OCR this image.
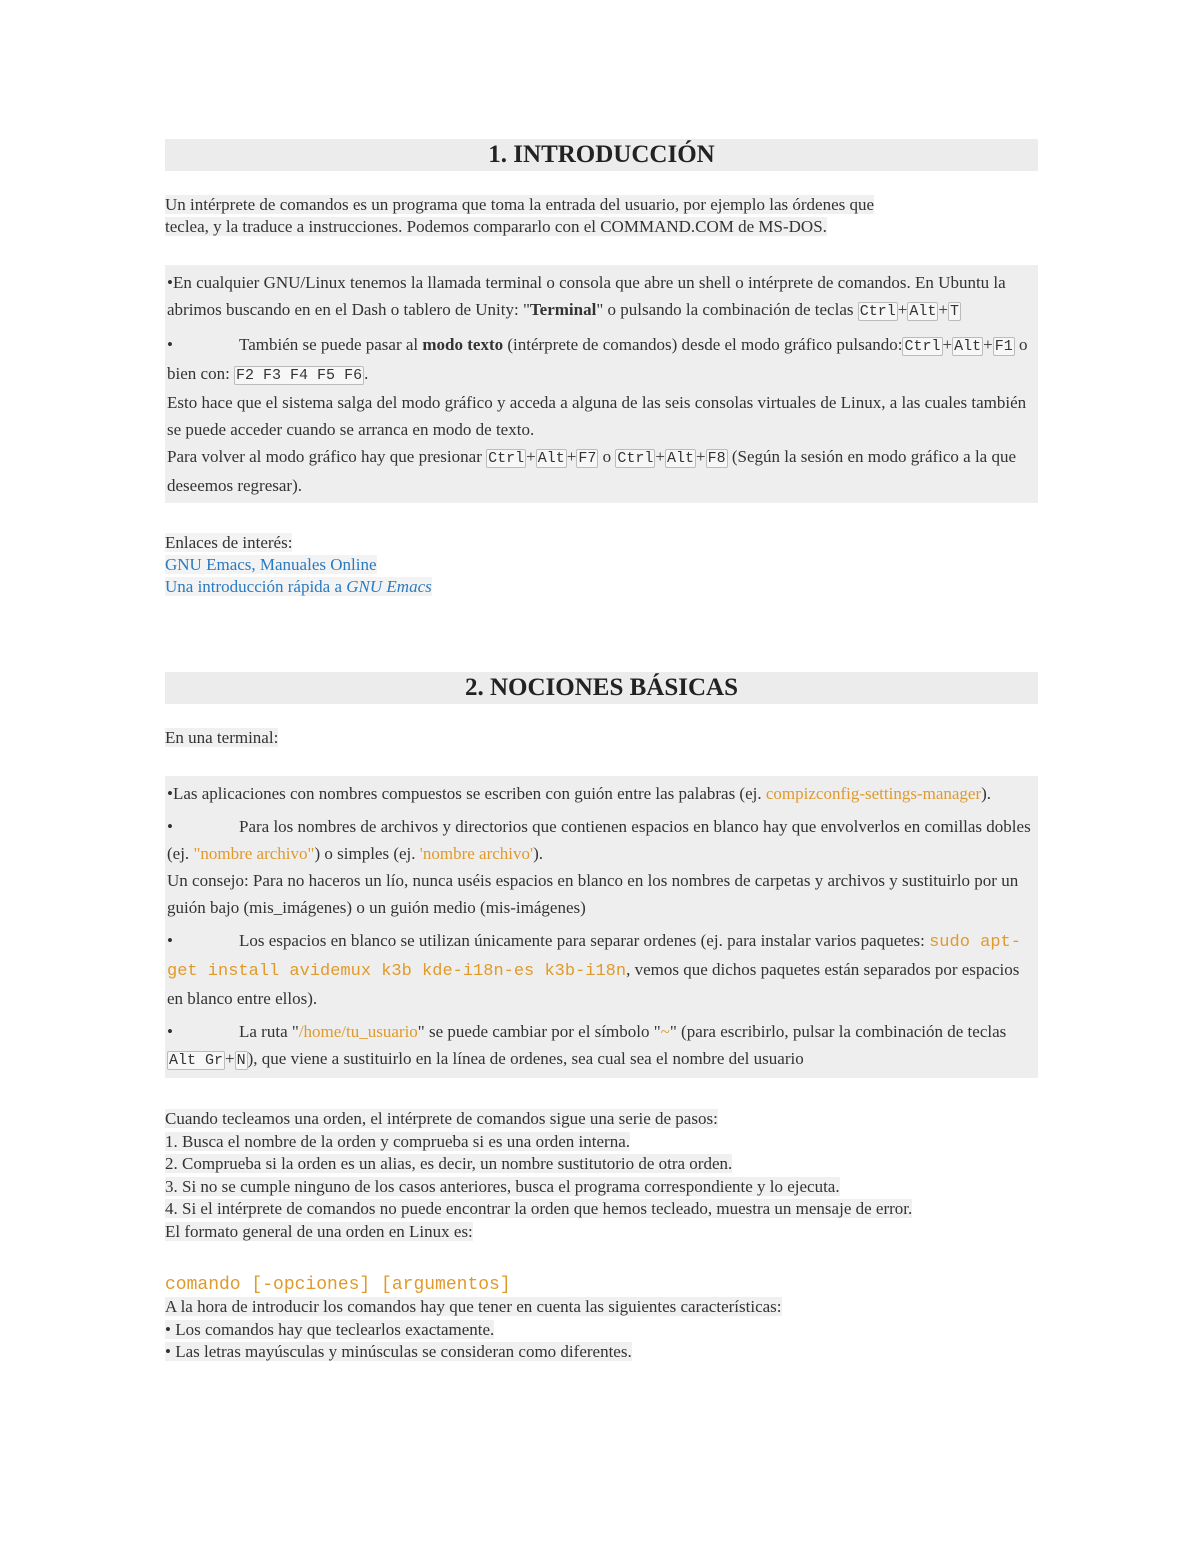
1. INTRODUCCIÓN

Un intérprete de comandos es un programa que toma la entrada del usuario, por ejemplo las órdenes que
teclea, y la traduce a instrucciones. Podemos compararlo con el COMMAND.COM de MS-DOS.

•En cualquier GNU/Linux tenemos la llamada terminal o consola que abre un shell o intérprete de comandos. En Ubuntu la abrimos buscando en en el Dash o tablero de Unity: "Terminal" o pulsando la combinación de teclas Ctrl + Alt + T

•	También se puede pasar al modo texto (intérprete de comandos) desde el modo gráfico pulsando: Ctrl + Alt + F1 o bien con: F2 F3 F4 F5 F6 .

Esto hace que el sistema salga del modo gráfico y acceda a alguna de las seis consolas virtuales de Linux, a las cuales también se puede acceder cuando se arranca en modo de texto.

Para volver al modo gráfico hay que presionar Ctrl + Alt + F7 o Ctrl + Alt + F8 (Según la sesión en modo gráfico a la que deseemos regresar).

Enlaces de interés:
GNU Emacs, Manuales Online
Una introducción rápida a GNU Emacs
2. NOCIONES BÁSICAS

En una terminal:

•Las aplicaciones con nombres compuestos se escriben con guión entre las palabras (ej. compizconfig-settings-manager).

•	Para los nombres de archivos y directorios que contienen espacios en blanco hay que envolverlos en comillas dobles (ej. "nombre archivo") o simples (ej. 'nombre archivo').

Un consejo: Para no haceros un lío, nunca uséis espacios en blanco en los nombres de carpetas y archivos y sustituirlo por un guión bajo (mis_imágenes) o un guión medio (mis-imágenes)

•	Los espacios en blanco se utilizan únicamente para separar ordenes (ej. para instalar varios paquetes: sudo apt-get install avidemux k3b kde-i18n-es k3b-i18n, vemos que dichos paquetes están separados por espacios en blanco entre ellos).

•	La ruta "/home/tu_usuario" se puede cambiar por el símbolo "~" (para escribirlo, pulsar la combinación de teclas Alt Gr + N ), que viene a sustituirlo en la línea de ordenes, sea cual sea el nombre del usuario

Cuando tecleamos una orden, el intérprete de comandos sigue una serie de pasos:
1. Busca el nombre de la orden y comprueba si es una orden interna.
2. Comprueba si la orden es un alias, es decir, un nombre sustitutorio de otra orden.
3. Si no se cumple ninguno de los casos anteriores, busca el programa correspondiente y lo ejecuta.
4. Si el intérprete de comandos no puede encontrar la orden que hemos tecleado, muestra un mensaje de error.
El formato general de una orden en Linux es:

comando [-opciones] [argumentos]

A la hora de introducir los comandos hay que tener en cuenta las siguientes características:
• Los comandos hay que teclearlos exactamente.
• Las letras mayúsculas y minúsculas se consideran como diferentes.
